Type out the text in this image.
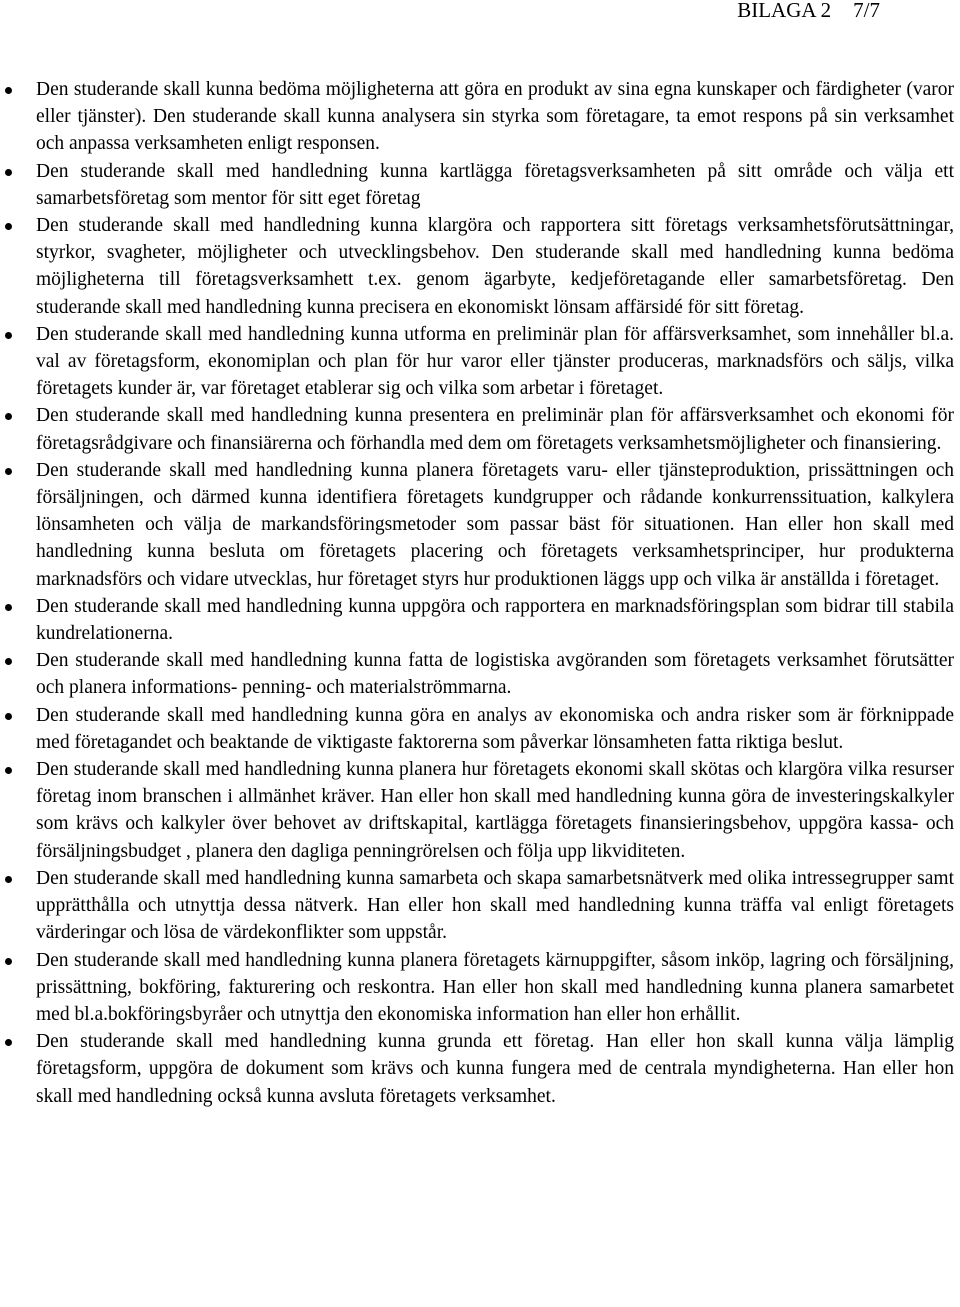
BILAGA 2 7/7
Den studerande skall kunna bedöma möjligheterna att göra en produkt av sina egna kunskaper och färdigheter (varor eller tjänster). Den studerande skall kunna analysera sin styrka som företagare, ta emot respons på sin verksamhet och anpassa verksamheten enligt responsen.
Den studerande skall med handledning kunna kartlägga företagsverksamheten på sitt område och välja ett samarbetsföretag som mentor för sitt eget företag
Den studerande skall med handledning kunna klargöra och rapportera sitt företags verksamhetsförutsättningar, styrkor, svagheter, möjligheter och utvecklingsbehov. Den studerande skall med handledning kunna bedöma möjligheterna till företagsverksamhett t.ex. genom ägarbyte, kedjeföretagande eller samarbetsföretag. Den studerande skall med handledning kunna precisera en ekonomiskt lönsam affärsidé för sitt företag.
Den studerande skall med handledning kunna utforma en preliminär plan för affärsverksamhet, som innehåller bl.a. val av företagsform, ekonomiplan och plan för hur varor eller tjänster produceras, marknadsförs och säljs, vilka företagets kunder är, var företaget etablerar sig och vilka som arbetar i företaget.
Den studerande skall med handledning kunna presentera en preliminär plan för affärsverksamhet och ekonomi för företagsrådgivare och finansiärerna och förhandla med dem om företagets verksamhetsmöjligheter och finansiering.
Den studerande skall med handledning kunna planera företagets varu- eller tjänsteproduktion, prissättningen och försäljningen, och därmed kunna identifiera företagets kundgrupper och rådande konkurrenssituation, kalkylera lönsamheten och välja de markandsföringsmetoder som passar bäst för situationen. Han eller hon skall med handledning kunna besluta om företagets placering och företagets verksamhetsprinciper, hur produkterna marknadsförs och vidare utvecklas, hur företaget styrs hur produktionen läggs upp och vilka är anställda i företaget.
Den studerande skall med handledning kunna uppgöra och rapportera en marknadsföringsplan som bidrar till stabila kundrelationerna.
Den studerande skall med handledning kunna fatta de logistiska avgöranden som företagets verksamhet förutsätter och planera informations- penning- och materialströmmarna.
Den studerande skall med handledning kunna göra en analys av ekonomiska och andra risker som är förknippade med företagandet och beaktande de viktigaste faktorerna som påverkar lönsamheten fatta riktiga beslut.
Den studerande skall med handledning kunna planera hur företagets ekonomi skall skötas och klargöra vilka resurser företag inom branschen i allmänhet kräver. Han eller hon skall med handledning kunna göra de investeringskalkyler som krävs och kalkyler över behovet av driftskapital, kartlägga företagets finansieringsbehov, uppgöra kassa- och försäljningsbudget , planera den dagliga penningrörelsen och följa upp likviditeten.
Den studerande skall med handledning kunna samarbeta och skapa samarbetsnätverk med olika intressegrupper samt upprätthålla och utnyttja dessa nätverk. Han eller hon skall med handledning kunna träffa val enligt företagets värderingar och lösa de värdekonflikter som uppstår.
Den studerande skall med handledning kunna planera företagets kärnuppgifter, såsom inköp, lagring och försäljning, prissättning, bokföring, fakturering och reskontra. Han eller hon skall med handledning kunna planera samarbetet med bl.a.bokföringsbyråer och utnyttja den ekonomiska information han eller hon erhållit.
Den studerande skall med handledning kunna grunda ett företag. Han eller hon skall kunna välja lämplig företagsform, uppgöra de dokument som krävs och kunna fungera med de centrala myndigheterna. Han eller hon skall med handledning också kunna avsluta företagets verksamhet.
